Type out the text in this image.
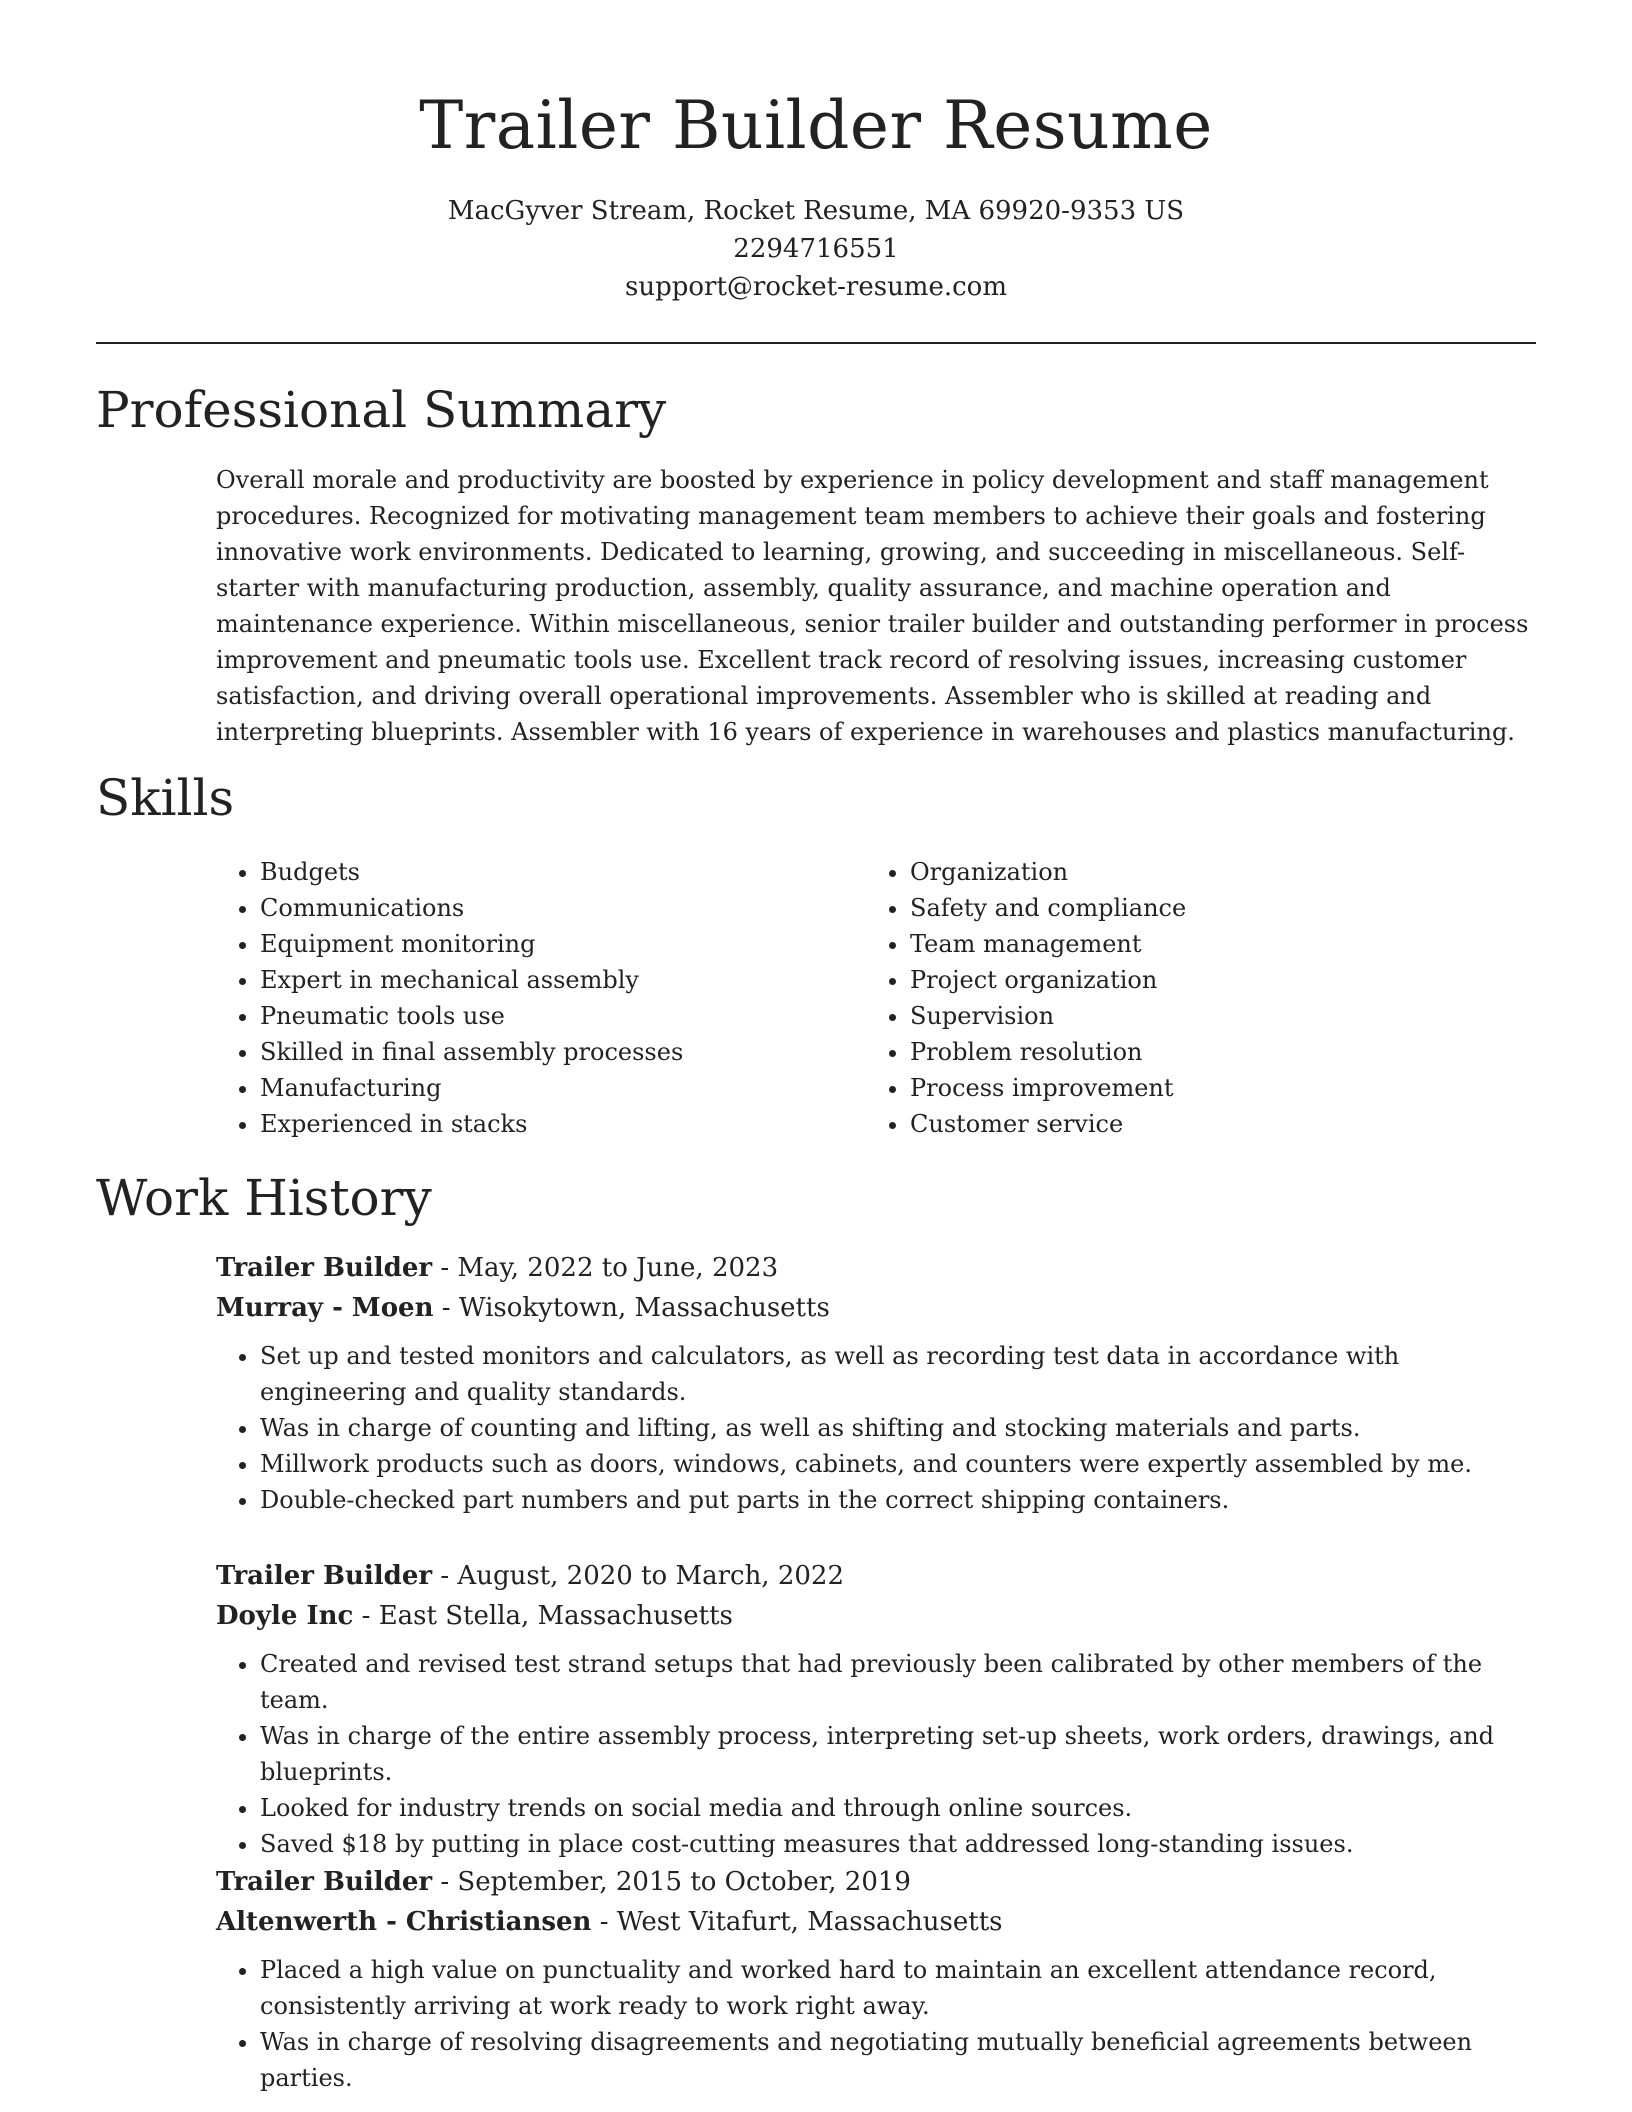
Trailer Builder Resume
MacGyver Stream, Rocket Resume, MA 69920-9353 US
2294716551
support@rocket-resume.com
Professional Summary

Overall morale and productivity are boosted by experience in policy development and staff management procedures. Recognized for motivating management team members to achieve their goals and fostering innovative work environments. Dedicated to learning, growing, and succeeding in miscellaneous. Self-starter with manufacturing production, assembly, quality assurance, and machine operation and maintenance experience. Within miscellaneous, senior trailer builder and outstanding performer in process improvement and pneumatic tools use. Excellent track record of resolving issues, increasing customer satisfaction, and driving overall operational improvements. Assembler who is skilled at reading and interpreting blueprints. Assembler with 16 years of experience in warehouses and plastics manufacturing.

Skills
• Budgets
• Communications
• Equipment monitoring
• Expert in mechanical assembly
• Pneumatic tools use
• Skilled in final assembly processes
• Manufacturing
• Experienced in stacks
• Organization
• Safety and compliance
• Team management
• Project organization
• Supervision
• Problem resolution
• Process improvement
• Customer service
Work History
Trailer Builder - May, 2022 to June, 2023
Murray - Moen - Wisokytown, Massachusetts
• Set up and tested monitors and calculators, as well as recording test data in accordance with engineering and quality standards.
• Was in charge of counting and lifting, as well as shifting and stocking materials and parts.
• Millwork products such as doors, windows, cabinets, and counters were expertly assembled by me.
• Double-checked part numbers and put parts in the correct shipping containers.
Trailer Builder - August, 2020 to March, 2022
Doyle Inc - East Stella, Massachusetts
• Created and revised test strand setups that had previously been calibrated by other members of the team.
• Was in charge of the entire assembly process, interpreting set-up sheets, work orders, drawings, and blueprints.
• Looked for industry trends on social media and through online sources.
• Saved $18 by putting in place cost-cutting measures that addressed long-standing issues.
Trailer Builder - September, 2015 to October, 2019
Altenwerth - Christiansen - West Vitafurt, Massachusetts
• Placed a high value on punctuality and worked hard to maintain an excellent attendance record, consistently arriving at work ready to work right away.
• Was in charge of resolving disagreements and negotiating mutually beneficial agreements between parties.
